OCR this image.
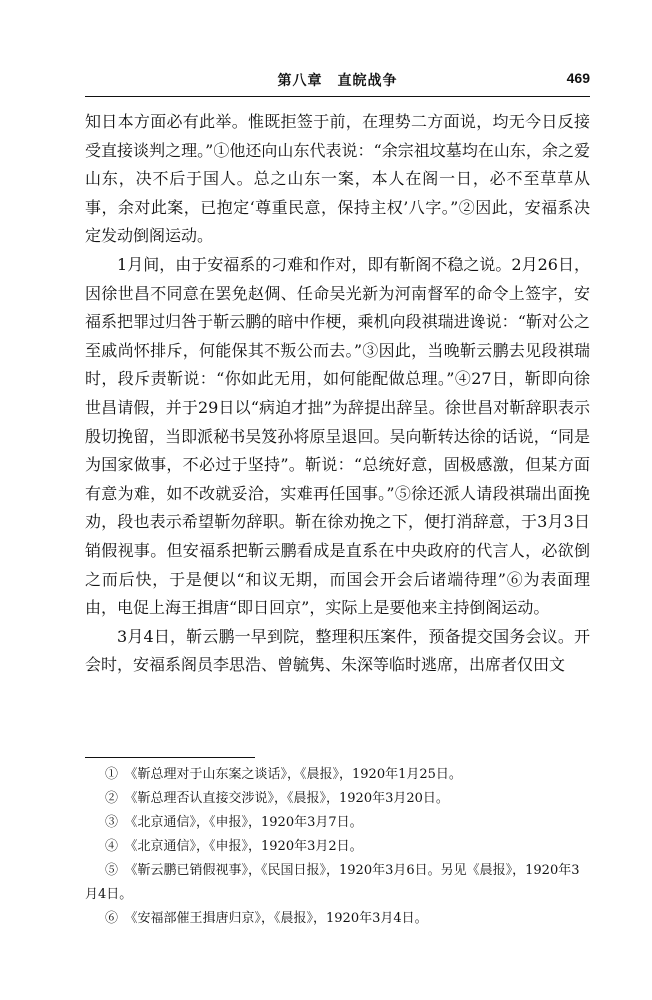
第八章　直皖战争	469

知日本方面必有此举。惟既拒签于前，在理势二方面说，均无今日反接受直接谈判之理。”①他还向山东代表说：“余宗祖坟墓均在山东，余之爱山东，决不后于国人。总之山东一案，本人在阁一日，必不至草草从事，余对此案，已抱定‘尊重民意，保持主权’八字。”②因此，安福系决定发动倒阁运动。

1月间，由于安福系的刁难和作对，即有靳阁不稳之说。2月26日，因徐世昌不同意在罢免赵倜、任命吴光新为河南督军的命令上签字，安福系把罪过归咎于靳云鹏的暗中作梗，乘机向段祺瑞进谗说：“靳对公之至戚尚怀排斥，何能保其不叛公而去。”③因此，当晚靳云鹏去见段祺瑞时，段斥责靳说：“你如此无用，如何能配做总理。”④27日，靳即向徐世昌请假，并于29日以“病迫才拙”为辞提出辞呈。徐世昌对靳辞职表示殷切挽留，当即派秘书吴笈孙将原呈退回。吴向靳转达徐的话说，“同是为国家做事，不必过于坚持”。靳说：“总统好意，固极感激，但某方面有意为难，如不改就妥洽，实难再任国事。”⑤徐还派人请段祺瑞出面挽劝，段也表示希望靳勿辞职。靳在徐劝挽之下，便打消辞意，于3月3日销假视事。但安福系把靳云鹏看成是直系在中央政府的代言人，必欲倒之而后快，于是便以“和议无期，而国会开会后诸端待理”⑥为表面理由，电促上海王揖唐“即日回京”，实际上是要他来主持倒阁运动。

3月4日，靳云鹏一早到院，整理积压案件，预备提交国务会议。开会时，安福系阁员李思浩、曾毓隽、朱深等临时逃席，出席者仅田文

①　《靳总理对于山东案之谈话》，《晨报》，1920年1月25日。

②　《靳总理否认直接交涉说》，《晨报》，1920年3月20日。

③　《北京通信》，《申报》，1920年3月7日。

④　《北京通信》，《申报》，1920年3月2日。

⑤　《靳云鹏已销假视事》，《民国日报》，1920年3月6日。另见《晨报》，1920年3月4日。

⑥　《安福部催王揖唐归京》，《晨报》，1920年3月4日。
